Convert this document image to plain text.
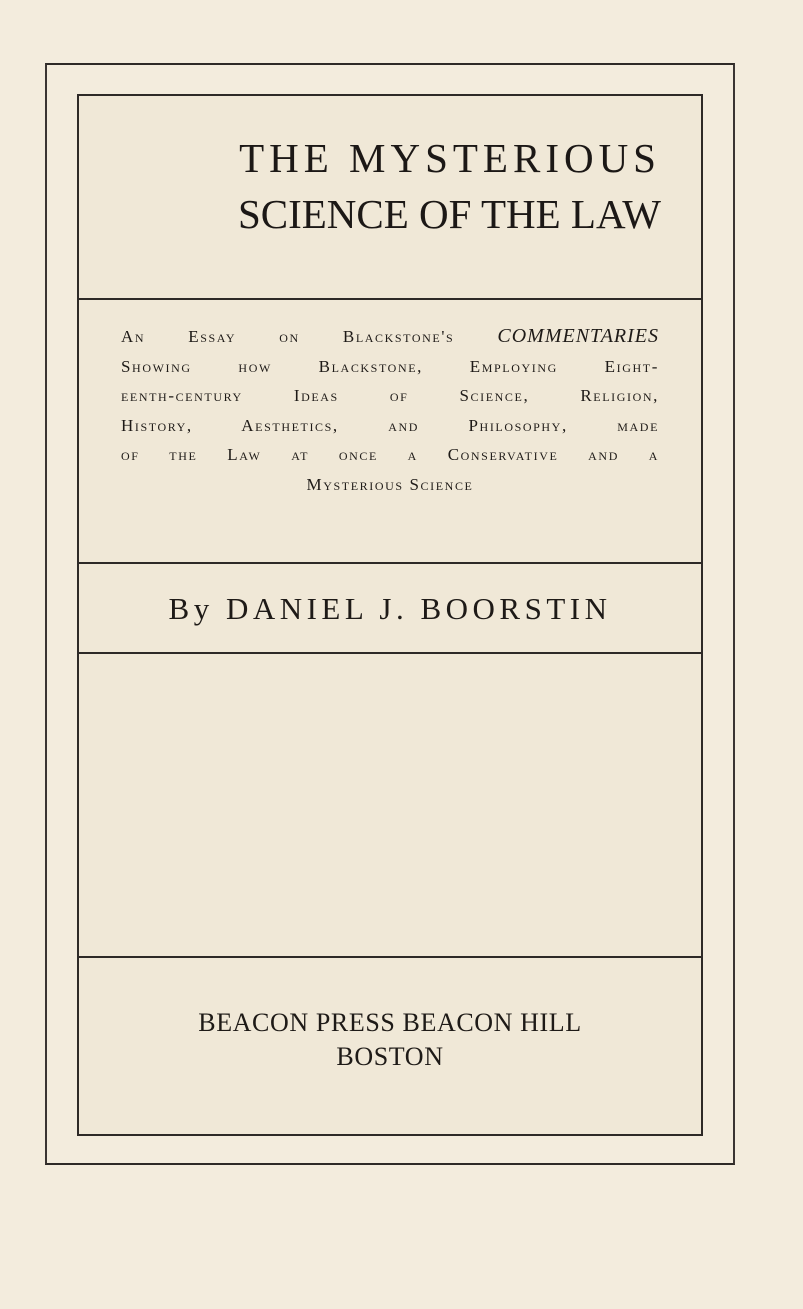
THE MYSTERIOUS
SCIENCE OF THE LAW

An Essay on Blackstone's COMMENTARIES
Showing how Blackstone, Employing Eight-
eenth-century Ideas of Science, Religion,
History, Aesthetics, and Philosophy, made
of the Law at once a Conservative and a
Mysterious Science

By DANIEL J. BOORSTIN
BEACON PRESS BEACON HILL
BOSTON
